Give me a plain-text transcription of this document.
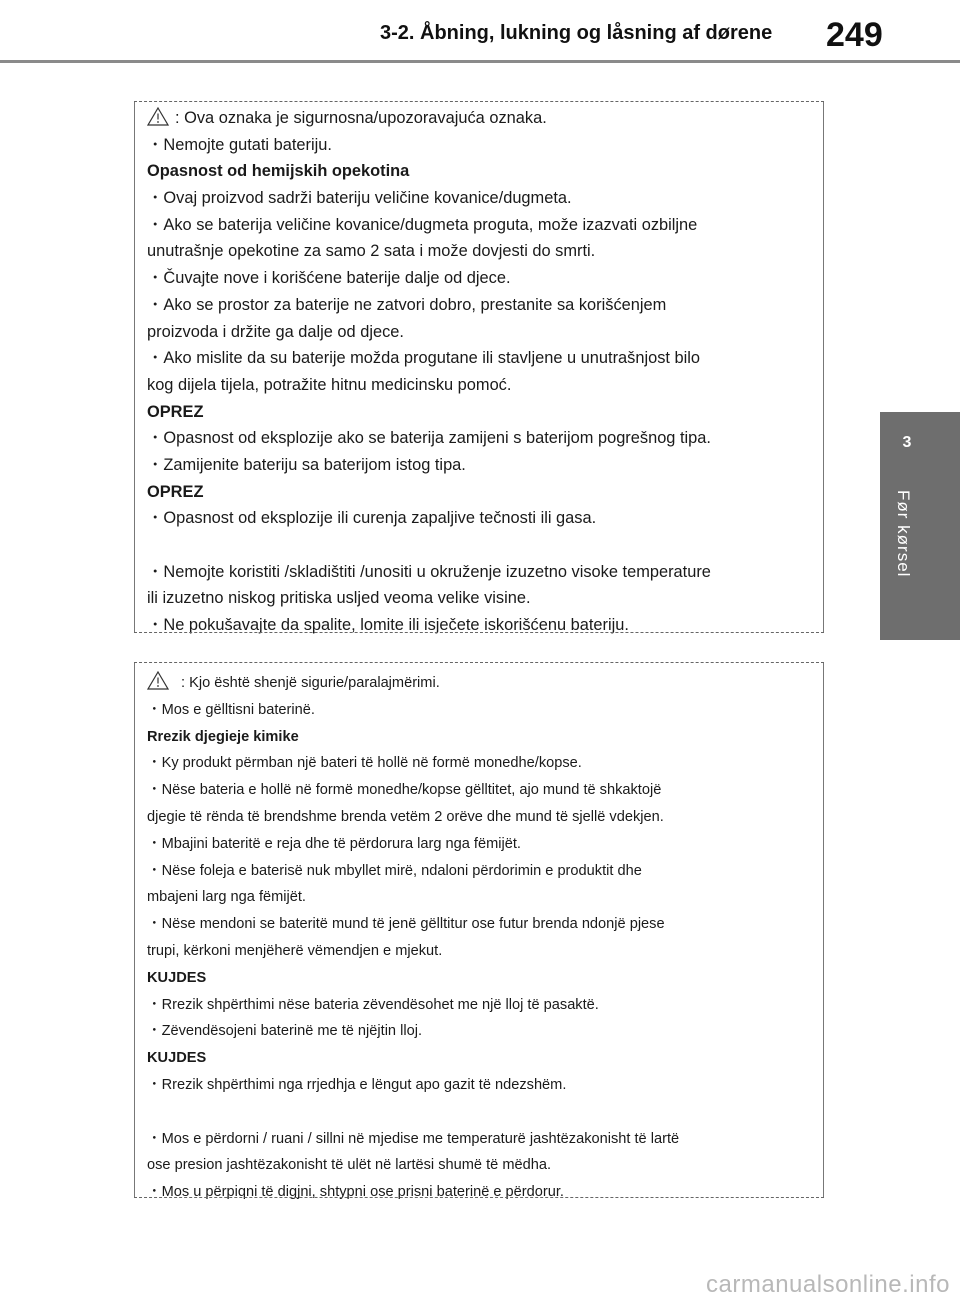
3-2. Åbning, lukning og låsning af dørene	249
3
Før kørsel
: Ova oznaka je sigurnosna/upozoravajuća oznaka.
・Nemojte gutati bateriju.
Opasnost od hemijskih opekotina
・Ovaj proizvod sadrži bateriju veličine kovanice/dugmeta.
・Ako se baterija veličine kovanice/dugmeta proguta, može izazvati ozbiljne
unutrašnje opekotine za samo 2 sata i može dovjesti do smrti.
・Čuvajte nove i korišćene baterije dalje od djece.
・Ako se prostor za baterije ne zatvori dobro, prestanite sa korišćenjem
proizvoda i držite ga dalje od djece.
・Ako mislite da su baterije možda progutane ili stavljene u unutrašnjost bilo
kog dijela tijela, potražite hitnu medicinsku pomoć.
OPREZ
・Opasnost od eksplozije ako se baterija zamijeni s baterijom pogrešnog tipa.
・Zamijenite bateriju sa baterijom istog tipa.
OPREZ
・Opasnost od eksplozije ili curenja zapaljive tečnosti ili gasa.
・Nemojte koristiti /skladištiti /unositi u okruženje izuzetno visoke temperature
ili izuzetno niskog pritiska usljed veoma velike visine.
・Ne pokušavajte da spalite, lomite ili isječete iskorišćenu bateriju.
: Kjo është shenjë sigurie/paralajmërimi.
・Mos e gëlltisni baterinë.
Rrezik djegieje kimike
・Ky produkt përmban një bateri të hollë në formë monedhe/kopse.
・Nëse bateria e hollë në formë monedhe/kopse gëlltitet, ajo mund të shkaktojë
djegie të rënda të brendshme brenda vetëm 2 orëve dhe mund të sjellë vdekjen.
・Mbajini bateritë e reja dhe të përdorura larg nga fëmijët.
・Nëse foleja e baterisë nuk mbyllet mirë, ndaloni përdorimin e produktit dhe
mbajeni larg nga fëmijët.
・Nëse mendoni se bateritë mund të jenë gëlltitur ose futur brenda ndonjë pjese
trupi, kërkoni menjëherë vëmendjen e mjekut.
KUJDES
・Rrezik shpërthimi nëse bateria zëvendësohet me një lloj të pasaktë.
・Zëvendësojeni baterinë me të njëjtin lloj.
KUJDES
・Rrezik shpërthimi nga rrjedhja e lëngut apo gazit të ndezshëm.
・Mos e përdorni / ruani / sillni në mjedise me temperaturë jashtëzakonisht të lartë
ose presion jashtëzakonisht të ulët në lartësi shumë të mëdha.
・Mos u përpiqni të digjni, shtypni ose prisni baterinë e përdorur.
carmanualsonline.info
